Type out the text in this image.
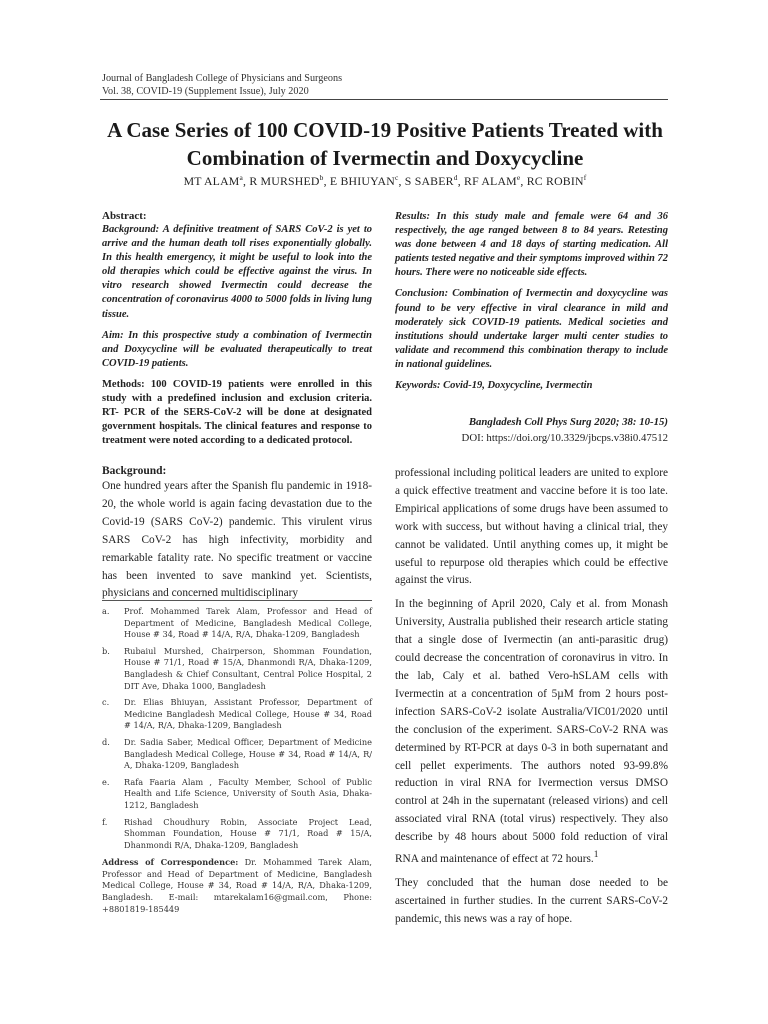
Journal of Bangladesh College of Physicians and Surgeons
Vol. 38, COVID-19 (Supplement Issue), July 2020
A Case Series of 100 COVID-19 Positive Patients Treated with Combination of Ivermectin and Doxycycline
MT ALAM$^a$, R MURSHED$^b$, E BHIUYAN$^c$, S SABER$^d$, RF ALAM$^e$, RC ROBIN$^f$
Abstract:

Background: A definitive treatment of SARS CoV-2 is yet to arrive and the human death toll rises exponentially globally. In this health emergency, it might be useful to look into the old therapies which could be effective against the virus. In vitro research showed Ivermectin could decrease the concentration of coronavirus 4000 to 5000 folds in living lung tissue.

Aim: In this prospective study a combination of Ivermectin and Doxycycline will be evaluated therapeutically to treat COVID-19 patients.

Methods: 100 COVID-19 patients were enrolled in this study with a predefined inclusion and exclusion criteria. RT- PCR of the SERS-CoV-2 will be done at designated government hospitals. The clinical features and response to treatment were noted according to a dedicated protocol.

Results: In this study male and female were 64 and 36 respectively, the age ranged between 8 to 84 years. Retesting was done between 4 and 18 days of starting medication. All patients tested negative and their symptoms improved within 72 hours. There were no noticeable side effects.

Conclusion: Combination of Ivermectin and doxycycline was found to be very effective in viral clearance in mild and moderately sick COVID-19 patients. Medical societies and institutions should undertake larger multi center studies to validate and recommend this combination therapy to include in national guidelines.

Keywords: Covid-19, Doxycycline, Ivermectin

Bangladesh Coll Phys Surg 2020; 38: 10-15)
DOI: https://doi.org/10.3329/jbcps.v38i0.47512
Background:

One hundred years after the Spanish flu pandemic in 1918-20, the whole world is again facing devastation due to the Covid-19 (SARS CoV-2) pandemic. This virulent virus SARS CoV-2 has high infectivity, morbidity and remarkable fatality rate. No specific treatment or vaccine has been invented to save mankind yet. Scientists, physicians and concerned multidisciplinary

a.	Prof. Mohammed Tarek Alam, Professor and Head of Department of Medicine, Bangladesh Medical College, House # 34, Road # 14/A, R/A, Dhaka-1209, Bangladesh
b.	Rubaiul Murshed, Chairperson, Shomman Foundation, House # 71/1, Road # 15/A, Dhanmondi R/A, Dhaka-1209, Bangladesh & Chief Consultant, Central Police Hospital, 2 DIT Ave, Dhaka 1000, Bangladesh
c.	Dr. Elias Bhiuyan, Assistant Professor, Department of Medicine Bangladesh Medical College, House # 34, Road # 14/A, R/A, Dhaka-1209, Bangladesh
d.	Dr. Sadia Saber, Medical Officer, Department of Medicine Bangladesh Medical College, House # 34, Road # 14/A, R/ A, Dhaka-1209, Bangladesh
e.	Rafa Faaria Alam , Faculty Member, School of Public Health and Life Science, University of South Asia, Dhaka-1212, Bangladesh
f.	Rishad Choudhury Robin, Associate Project Lead, Shomman Foundation, House # 71/1, Road # 15/A, Dhanmondi R/A, Dhaka-1209, Bangladesh
Address of Correspondence: Dr. Mohammed Tarek Alam, Professor and Head of Department of Medicine, Bangladesh Medical College, House # 34, Road # 14/A, R/A, Dhaka-1209, Bangladesh. E-mail: mtarekalam16@gmail.com, Phone: +8801819-185449

professional including political leaders are united to explore a quick effective treatment and vaccine before it is too late. Empirical applications of some drugs have been assumed to work with success, but without having a clinical trial, they cannot be validated. Until anything comes up, it might be useful to repurpose old therapies which could be effective against the virus.

In the beginning of April 2020, Caly et al. from Monash University, Australia published their research article stating that a single dose of Ivermectin (an anti-parasitic drug) could decrease the concentration of coronavirus in vitro. In the lab, Caly et al. bathed Vero-hSLAM cells with Ivermectin at a concentration of 5µM from 2 hours post-infection SARS-CoV-2 isolate Australia/VIC01/2020 until the conclusion of the experiment. SARS-CoV-2 RNA was determined by RT-PCR at days 0-3 in both supernatant and cell pellet experiments. The authors noted 93-99.8% reduction in viral RNA for Ivermection versus DMSO control at 24h in the supernatant (released virions) and cell associated viral RNA (total virus) respectively. They also describe by 48 hours about 5000 fold reduction of viral RNA and maintenance of effect at 72 hours.$^1$

They concluded that the human dose needed to be ascertained in further studies. In the current SARS-CoV-2 pandemic, this news was a ray of hope.
